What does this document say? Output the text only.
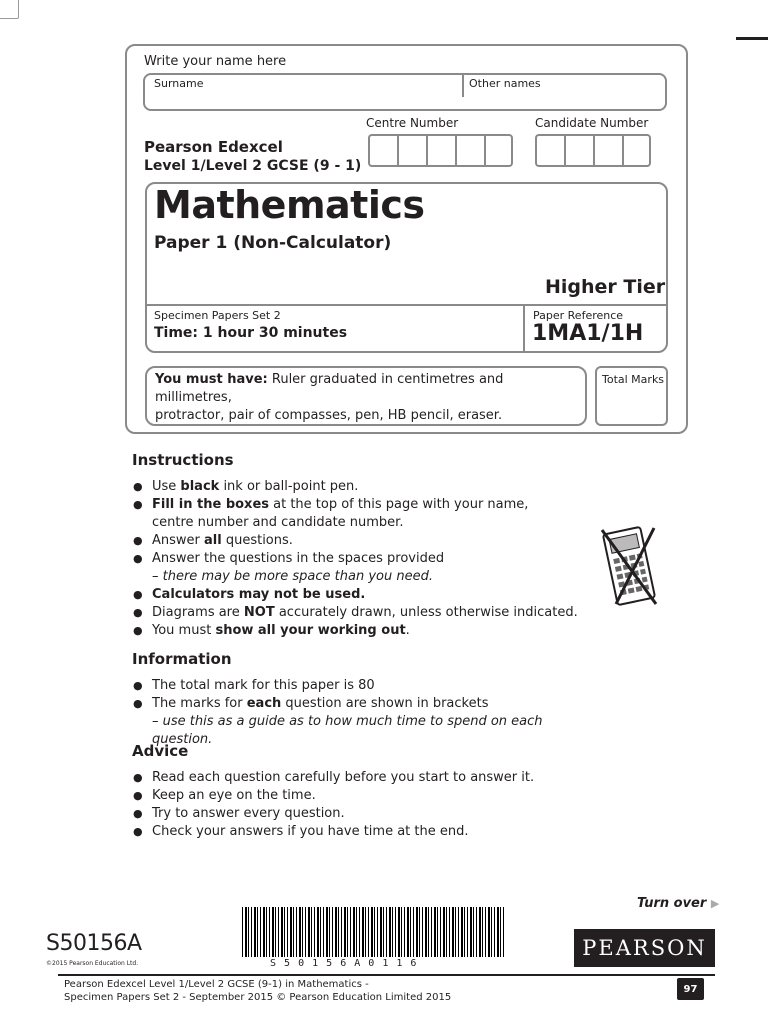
Write your name here
Surname	Other names
Centre Number	Candidate Number
Pearson Edexcel
Level 1/Level 2 GCSE (9 - 1)
Mathematics
Paper 1 (Non-Calculator)
Higher Tier
Specimen Papers Set 2
Time: 1 hour 30 minutes
Paper Reference
1MA1/1H
You must have: Ruler graduated in centimetres and millimetres,
protractor, pair of compasses, pen, HB pencil, eraser.
Total Marks
Instructions
● Use black ink or ball-point pen.
● Fill in the boxes at the top of this page with your name,
centre number and candidate number.
● Answer all questions.
● Answer the questions in the spaces provided
– there may be more space than you need.
● Calculators may not be used.
● Diagrams are NOT accurately drawn, unless otherwise indicated.
● You must show all your working out.
Information
● The total mark for this paper is 80
● The marks for each question are shown in brackets
– use this as a guide as to how much time to spend on each question.
Advice
● Read each question carefully before you start to answer it.
● Keep an eye on the time.
● Try to answer every question.
● Check your answers if you have time at the end.
Turn over ▶
S50156A
©2015 Pearson Education Ltd.	S 5 0 1 5 6 A 0 1 1 6
PEARSON
Pearson Edexcel Level 1/Level 2 GCSE (9-1) in Mathematics -
Specimen Papers Set 2 - September 2015 © Pearson Education Limited 2015
97
